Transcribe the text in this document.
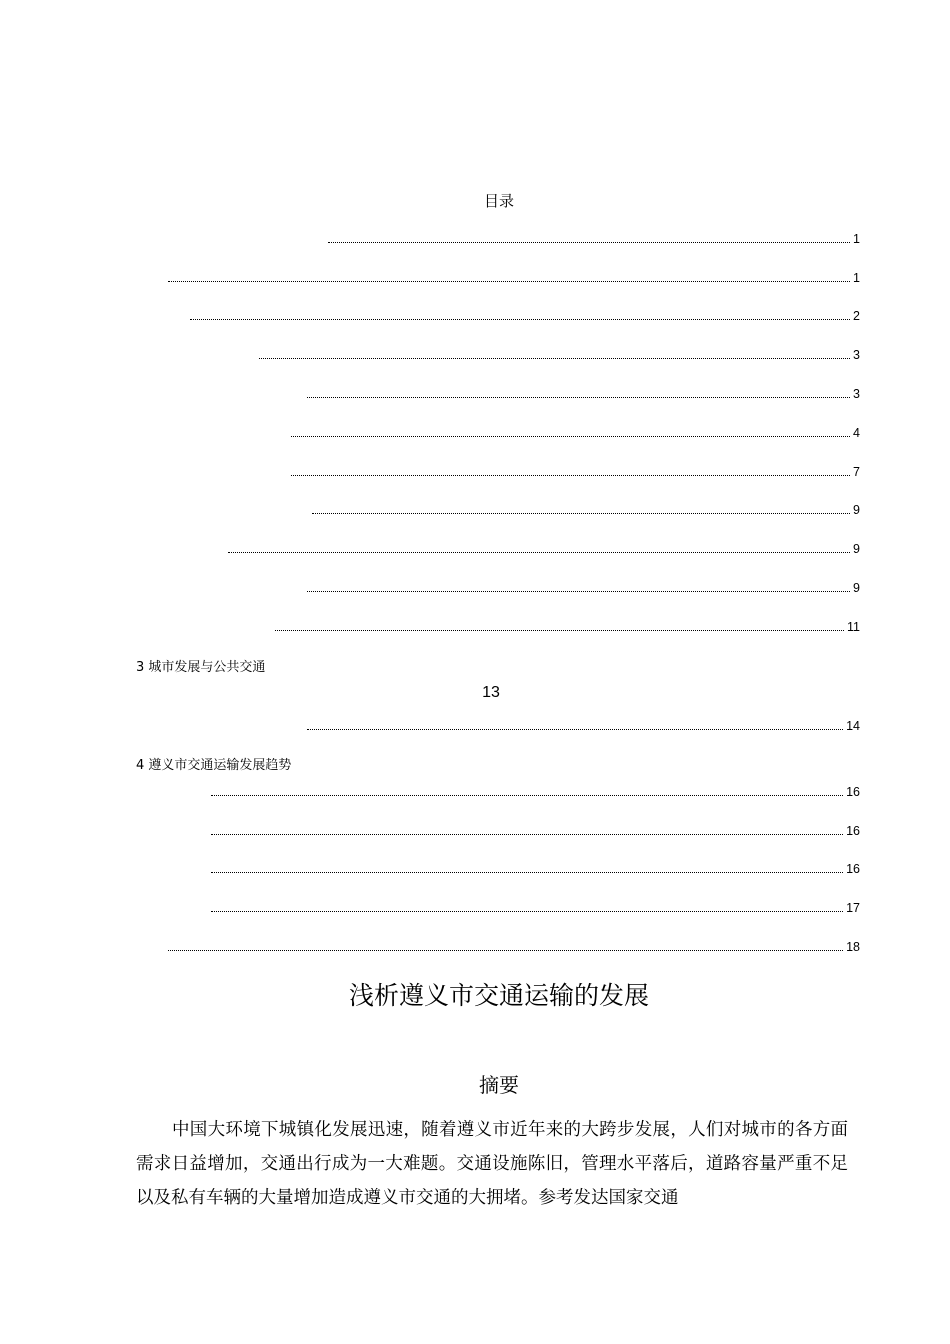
目录
1
1
2
3
3
4
7
9
9
9
11
3 城市发展与公共交通
13
14
4 遵义市交通运输发展趋势
16
16
16
17
18
浅析遵义市交通运输的发展
摘要
中国大环境下城镇化发展迅速，随着遵义市近年来的大跨步发展，人们对城市的各方面需求日益增加，交通出行成为一大难题。交通设施陈旧，管理水平落后，道路容量严重不足以及私有车辆的大量增加造成遵义市交通的大拥堵。参考发达国家交通
